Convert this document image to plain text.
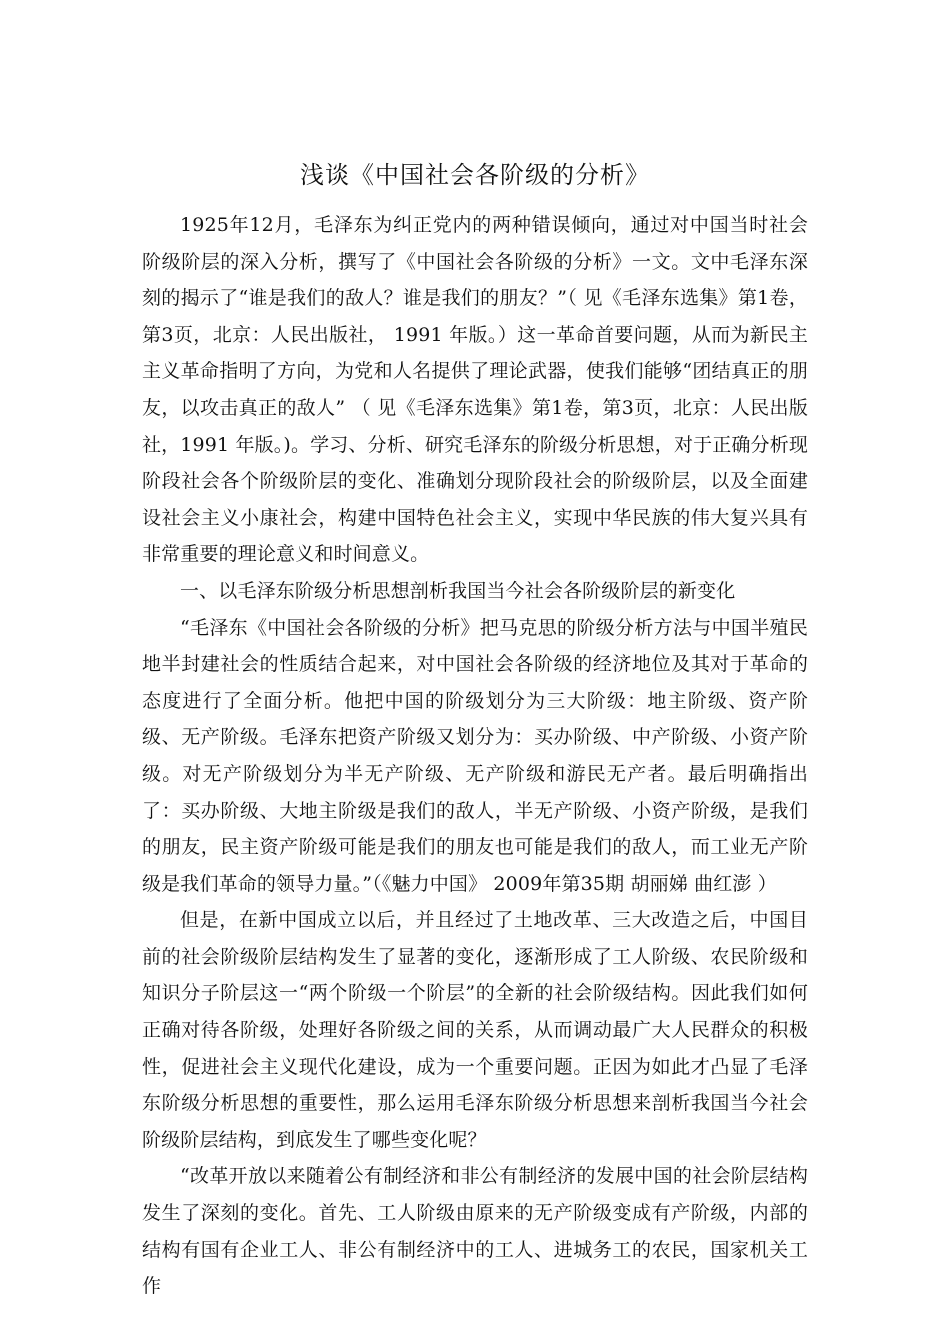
浅谈《中国社会各阶级的分析》

1925年12月，毛泽东为纠正党内的两种错误倾向，通过对中国当时社会阶级阶层的深入分析，撰写了《中国社会各阶级的分析》一文。文中毛泽东深刻的揭示了“谁是我们的敌人？谁是我们的朋友？”（ 见《毛泽东选集》第1卷，第3页，北京：人民出版社， 1991 年版。）这一革命首要问题，从而为新民主主义革命指明了方向，为党和人名提供了理论武器，使我们能够“团结真正的朋友，以攻击真正的敌人” （ 见《毛泽东选集》第1卷，第3页，北京：人民出版社，1991 年版。)。学习、分析、研究毛泽东的阶级分析思想，对于正确分析现阶段社会各个阶级阶层的变化、准确划分现阶段社会的阶级阶层，以及全面建设社会主义小康社会，构建中国特色社会主义，实现中华民族的伟大复兴具有非常重要的理论意义和时间意义。

一、以毛泽东阶级分析思想剖析我国当今社会各阶级阶层的新变化

“毛泽东《中国社会各阶级的分析》把马克思的阶级分析方法与中国半殖民地半封建社会的性质结合起来，对中国社会各阶级的经济地位及其对于革命的态度进行了全面分析。他把中国的阶级划分为三大阶级：地主阶级、资产阶级、无产阶级。毛泽东把资产阶级又划分为：买办阶级、中产阶级、小资产阶级。对无产阶级划分为半无产阶级、无产阶级和游民无产者。最后明确指出了：买办阶级、大地主阶级是我们的敌人，半无产阶级、小资产阶级，是我们的朋友，民主资产阶级可能是我们的朋友也可能是我们的敌人，而工业无产阶级是我们革命的领导力量。”（《魅力中国》 2009年第35期 胡丽娣 曲红澎 ）

但是，在新中国成立以后，并且经过了土地改革、三大改造之后，中国目前的社会阶级阶层结构发生了显著的变化，逐渐形成了工人阶级、农民阶级和知识分子阶层这一“两个阶级一个阶层”的全新的社会阶级结构。因此我们如何正确对待各阶级，处理好各阶级之间的关系，从而调动最广大人民群众的积极性，促进社会主义现代化建设，成为一个重要问题。正因为如此才凸显了毛泽东阶级分析思想的重要性，那么运用毛泽东阶级分析思想来剖析我国当今社会阶级阶层结构，到底发生了哪些变化呢？

“改革开放以来随着公有制经济和非公有制经济的发展中国的社会阶层结构发生了深刻的变化。首先、工人阶级由原来的无产阶级变成有产阶级，内部的结构有国有企业工人、非公有制经济中的工人、进城务工的农民，国家机关工作
